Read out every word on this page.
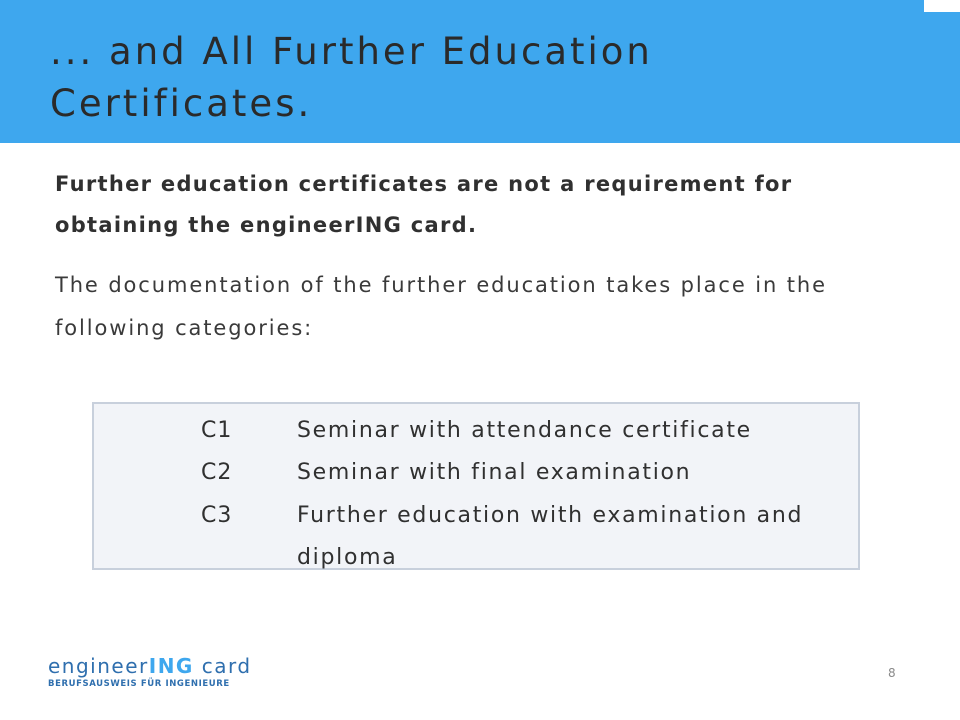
... and All Further Education Certificates.

Further education certificates are not a requirement for obtaining the engineerING card.

The documentation of the further education takes place in the following categories:

C1	Seminar with attendance certificate
C2	Seminar with final examination
C3	Further education with examination and diploma
engineerING card
BERUFSAUSWEIS FÜR INGENIEURE
8
